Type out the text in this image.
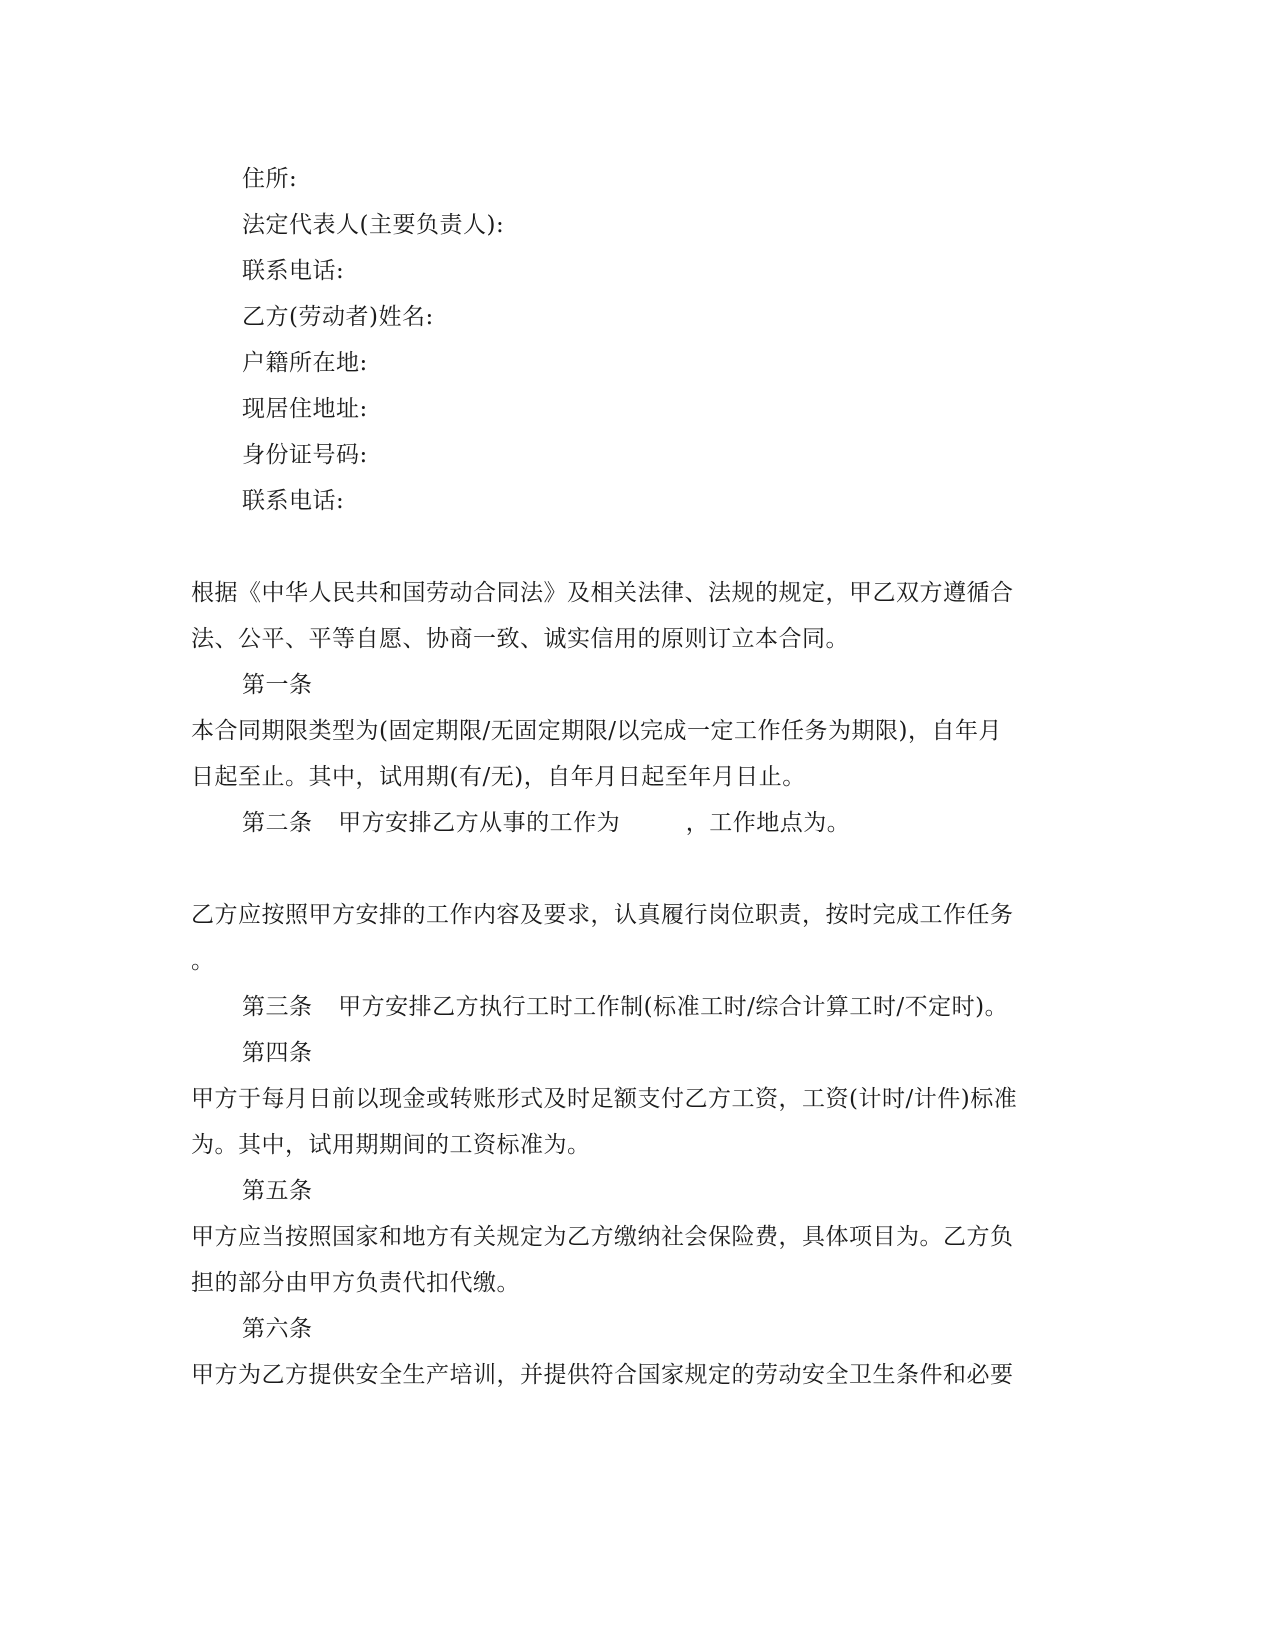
住所:

法定代表人(主要负责人):

联系电话:

乙方(劳动者)姓名:

户籍所在地:

现居住地址:

身份证号码:

联系电话:

根据《中华人民共和国劳动合同法》及相关法律、法规的规定，甲乙双方遵循合

法、公平、平等自愿、协商一致、诚实信用的原则订立本合同。

第一条

本合同期限类型为(固定期限/无固定期限/以完成一定工作任务为期限)，自年月

日起至止。其中，试用期(有/无)，自年月日起至年月日止。

第二条 甲方安排乙方从事的工作为	，工作地点为。

乙方应按照甲方安排的工作内容及要求，认真履行岗位职责，按时完成工作任务

。

第三条 甲方安排乙方执行工时工作制(标准工时/综合计算工时/不定时)。

第四条

甲方于每月日前以现金或转账形式及时足额支付乙方工资，工资(计时/计件)标准

为。其中，试用期期间的工资标准为。

第五条

甲方应当按照国家和地方有关规定为乙方缴纳社会保险费，具体项目为。乙方负

担的部分由甲方负责代扣代缴。

第六条

甲方为乙方提供安全生产培训，并提供符合国家规定的劳动安全卫生条件和必要
